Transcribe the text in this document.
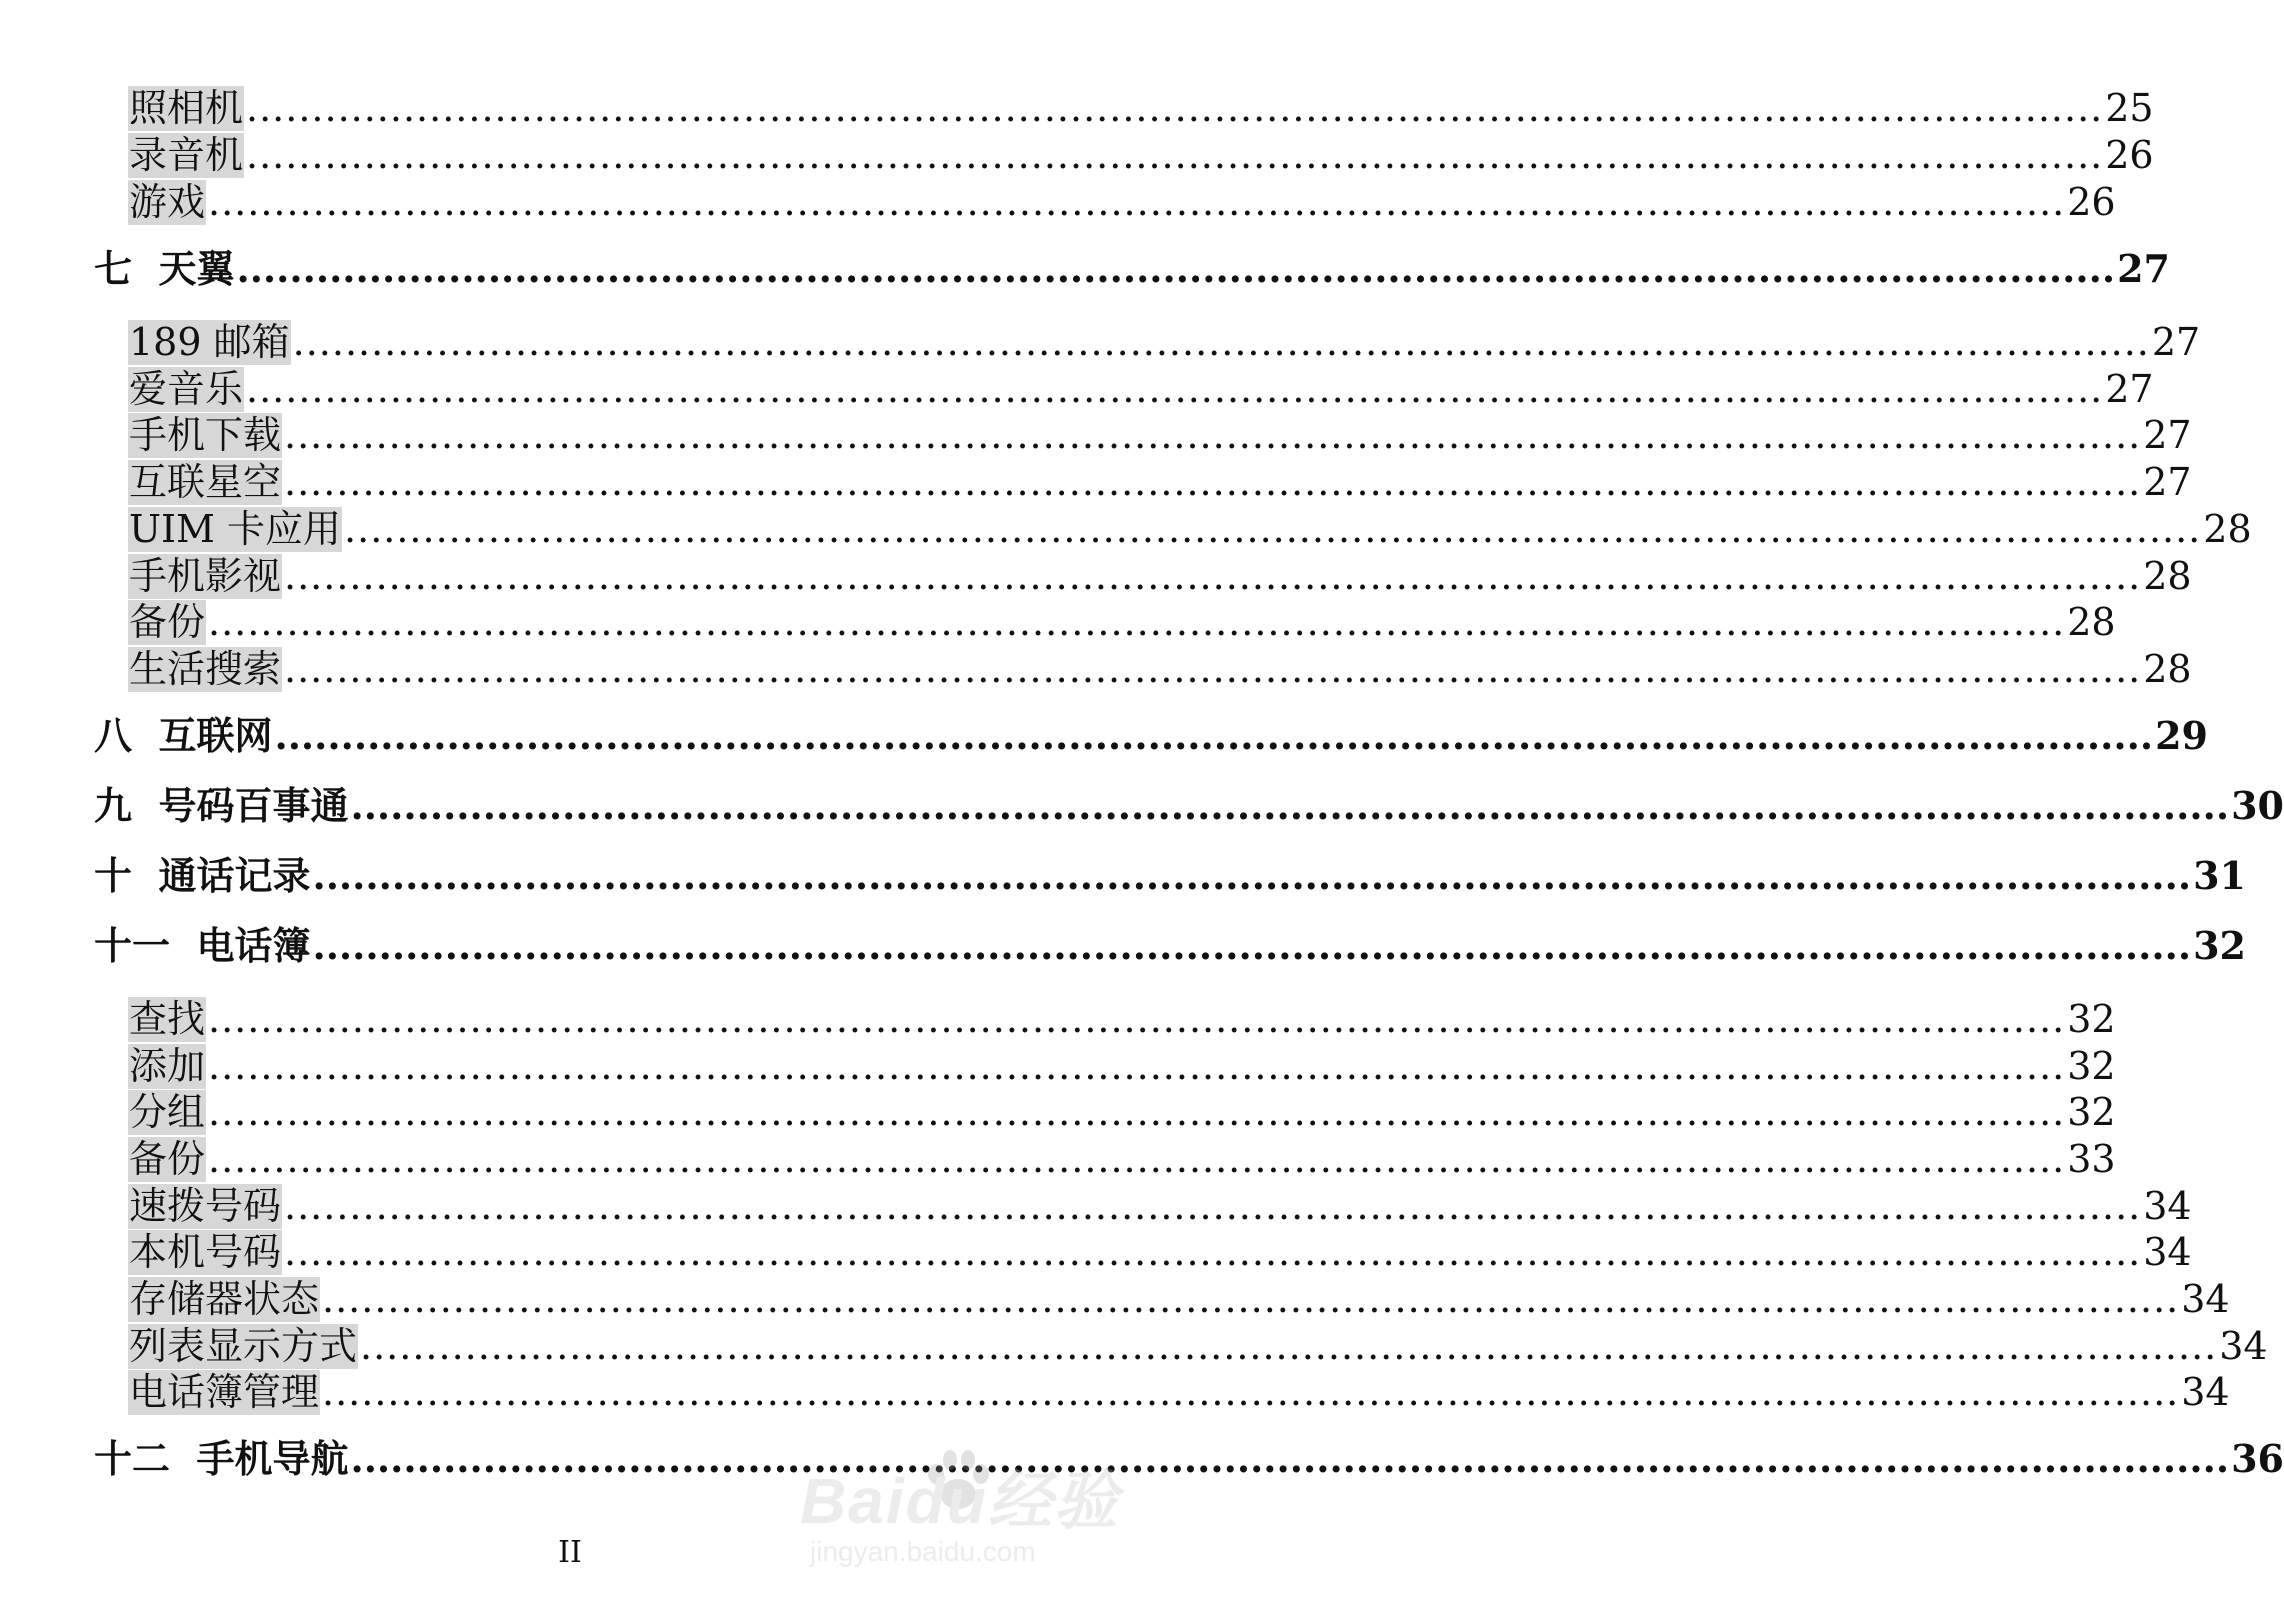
照相机 .............................................................................................................................................. 25
录音机 .............................................................................................................................................. 26
游戏 .............................................................................................................................................. 26
七  天翼 .............................................................................................................................................. 27
189 邮箱 .............................................................................................................................................. 27
爱音乐 .............................................................................................................................................. 27
手机下载 .............................................................................................................................................. 27
互联星空 .............................................................................................................................................. 27
UIM 卡应用 .............................................................................................................................................. 28
手机影视 .............................................................................................................................................. 28
备份 .............................................................................................................................................. 28
生活搜索 .............................................................................................................................................. 28
八  互联网 .............................................................................................................................................. 29
九  号码百事通 .............................................................................................................................................. 30
十  通话记录 .............................................................................................................................................. 31
十一  电话簿 .............................................................................................................................................. 32
查找 .............................................................................................................................................. 32
添加 .............................................................................................................................................. 32
分组 .............................................................................................................................................. 32
备份 .............................................................................................................................................. 33
速拨号码 .............................................................................................................................................. 34
本机号码 .............................................................................................................................................. 34
存储器状态 .............................................................................................................................................. 34
列表显示方式 .............................................................................................................................................. 34
电话簿管理 .............................................................................................................................................. 34
十二  手机导航 .............................................................................................................................................. 36
II
Baidu经验
jingyan.baidu.com
